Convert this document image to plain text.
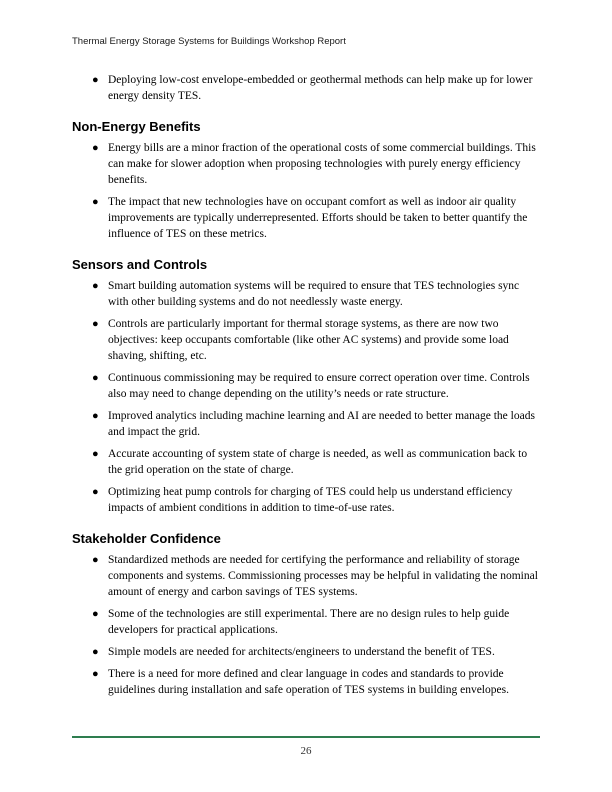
Thermal Energy Storage Systems for Buildings Workshop Report
● Deploying low-cost envelope-embedded or geothermal methods can help make up for lower energy density TES.
Non-Energy Benefits
● Energy bills are a minor fraction of the operational costs of some commercial buildings. This can make for slower adoption when proposing technologies with purely energy efficiency benefits.
● The impact that new technologies have on occupant comfort as well as indoor air quality improvements are typically underrepresented. Efforts should be taken to better quantify the influence of TES on these metrics.
Sensors and Controls
● Smart building automation systems will be required to ensure that TES technologies sync with other building systems and do not needlessly waste energy.
● Controls are particularly important for thermal storage systems, as there are now two objectives: keep occupants comfortable (like other AC systems) and provide some load shaving, shifting, etc.
● Continuous commissioning may be required to ensure correct operation over time. Controls also may need to change depending on the utility’s needs or rate structure.
● Improved analytics including machine learning and AI are needed to better manage the loads and impact the grid.
● Accurate accounting of system state of charge is needed, as well as communication back to the grid operation on the state of charge.
● Optimizing heat pump controls for charging of TES could help us understand efficiency impacts of ambient conditions in addition to time-of-use rates.
Stakeholder Confidence
● Standardized methods are needed for certifying the performance and reliability of storage components and systems. Commissioning processes may be helpful in validating the nominal amount of energy and carbon savings of TES systems.
● Some of the technologies are still experimental. There are no design rules to help guide developers for practical applications.
● Simple models are needed for architects/engineers to understand the benefit of TES.
● There is a need for more defined and clear language in codes and standards to provide guidelines during installation and safe operation of TES systems in building envelopes.
26
